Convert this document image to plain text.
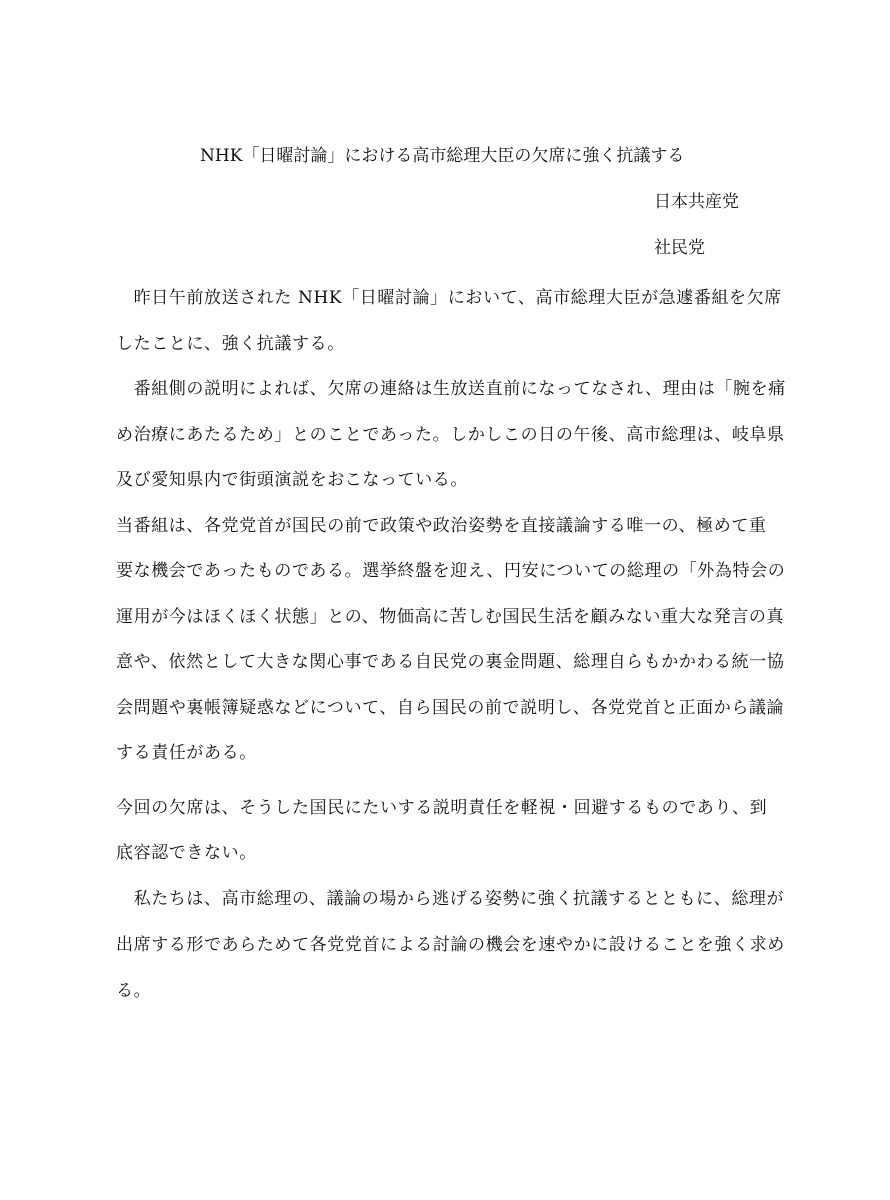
NHK「日曜討論」における高市総理大臣の欠席に強く抗議する
日本共産党
社民党
　昨日午前放送された NHK「日曜討論」において、高市総理大臣が急遽番組を欠席
したことに、強く抗議する。
　番組側の説明によれば、欠席の連絡は生放送直前になってなされ、理由は「腕を痛
め治療にあたるため」とのことであった。しかしこの日の午後、高市総理は、岐阜県
及び愛知県内で街頭演説をおこなっている。
当番組は、各党党首が国民の前で政策や政治姿勢を直接議論する唯一の、極めて重
要な機会であったものである。選挙終盤を迎え、円安についての総理の「外為特会の
運用が今はほくほく状態」との、物価高に苦しむ国民生活を顧みない重大な発言の真
意や、依然として大きな関心事である自民党の裏金問題、総理自らもかかわる統一協
会問題や裏帳簿疑惑などについて、自ら国民の前で説明し、各党党首と正面から議論
する責任がある。
今回の欠席は、そうした国民にたいする説明責任を軽視・回避するものであり、到
底容認できない。
　私たちは、高市総理の、議論の場から逃げる姿勢に強く抗議するとともに、総理が
出席する形であらためて各党党首による討論の機会を速やかに設けることを強く求め
る。
